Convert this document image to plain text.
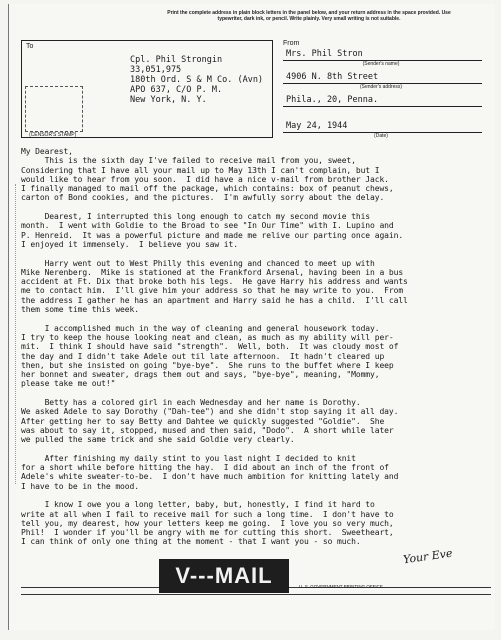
Print the complete address in plain block letters in the panel below, and your return address in the space provided. Use typewriter, dark ink, or pencil. Write plainly. Very small writing is not suitable.
To
Cpl. Phil Strongin
33,051,975
180th Ord. S & M Co. (Avn)
APO 637, C/O P. M.
New York, N. Y.
(CENSOR'S STAMP)
From
Mrs. Phil Stron
(Sender's name)
4906 N. 8th Street
(Sender's address)
Phila., 20, Penna.
May 24, 1944
(Date)
My Dearest,
This is the sixth day I've failed to receive mail from you, sweet,
Considering that I have all your mail up to May 13th I can't complain, but I
would like to hear from you soon.  I did have a nice v-mail from brother Jack.
I finally managed to mail off the package, which contains: box of peanut chews,
carton of Bond cookies, and the pictures.  I'm awfully sorry about the delay.

Dearest, I interrupted this long enough to catch my second movie this
month.  I went with Goldie to the Broad to see "In Our Time" with I. Lupino and
P. Henreid.  It was a powerful picture and made me relive our parting once again.
I enjoyed it immensely.  I believe you saw it.

Harry went out to West Philly this evening and chanced to meet up with
Mike Nerenberg.  Mike is stationed at the Frankford Arsenal, having been in a bus
accident at Ft. Dix that broke both his legs.  He gave Harry his address and wants
me to contact him.  I'll give him your address so that he may write to you.  From
the address I gather he has an apartment and Harry said he has a child.  I'll call
them some time this week.

I accomplished much in the way of cleaning and general housework today.
I try to keep the house looking neat and clean, as much as my ability will per-
mit.  I think I should have said "strength".  Well, both.  It was cloudy most of
the day and I didn't take Adele out til late afternoon.  It hadn't cleared up
then, but she insisted on going "bye-bye".  She runs to the buffet where I keep
her bonnet and sweater, drags them out and says, "bye-bye", meaning, "Mommy,
please take me out!"

Betty has a colored girl in each Wednesday and her name is Dorothy.
We asked Adele to say Dorothy ("Dah-tee") and she didn't stop saying it all day.
After getting her to say Betty and Dahtee we quickly suggested "Goldie".  She
was about to say it, stopped, mused and then said, "Dodo".  A short while later
we pulled the same trick and she said Goldie very clearly.

After finishing my daily stint to you last night I decided to knit
for a short while before hitting the hay.  I did about an inch of the front of
Adele's white sweater-to-be.  I don't have much ambition for knitting lately and
I have to be in the mood.

I know I owe you a long letter, baby, but, honestly, I find it hard to
write at all when I fail to receive mail for such a long time.  I don't have to
tell you, my dearest, how your letters keep me going.  I love you so very much,
Phil!  I wonder if you'll be angry with me for cutting this short.  Sweetheart,
I can think of only one thing at the moment - that I want you - so much.
Your Eve
U. S. GOVERNMENT PRINTING OFFICE
V---MAIL
